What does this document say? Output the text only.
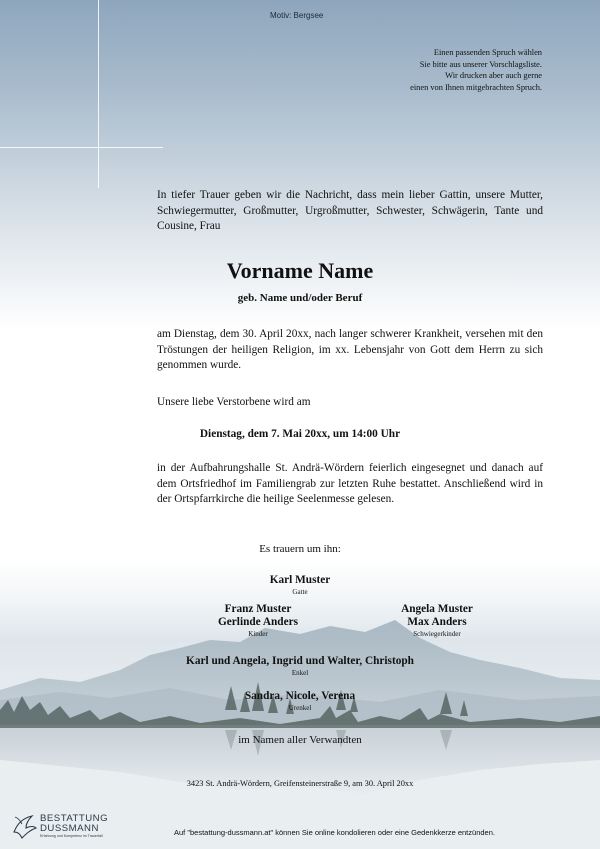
Motiv: Bergsee
Einen passenden Spruch wählen
Sie bitte aus unserer Vorschlagsliste.
Wir drucken aber auch gerne
einen von Ihnen mitgebrachten Spruch.
In tiefer Trauer geben wir die Nachricht, dass mein lieber Gattin, unsere Mutter, Schwiegermutter, Großmutter, Urgroßmutter, Schwester, Schwägerin, Tante und Cousine, Frau
Vorname Name
geb. Name und/oder Beruf
am Dienstag, dem 30. April 20xx, nach langer schwerer Krankheit, versehen mit den Tröstungen der heiligen Religion, im xx. Lebensjahr von Gott dem Herrn zu sich genommen wurde.
Unsere liebe Verstorbene wird am
Dienstag, dem 7. Mai 20xx, um 14:00 Uhr
in der Aufbahrungshalle St. Andrä-Wördern feierlich eingesegnet und danach auf dem Ortsfriedhof im Familiengrab zur letzten Ruhe bestattet. Anschließend wird in der Ortspfarrkirche die heilige Seelenmesse gelesen.
Es trauern um ihn:
Karl Muster
Gatte
Franz Muster
Gerlinde Anders
Kinder
Angela Muster
Max Anders
Schwiegerkinder
Karl und Angela, Ingrid und Walter, Christoph
Enkel
Sandra, Nicole, Verena
Urenkel
im Namen aller Verwandten
3423 St. Andrä-Wördern, Greifensteinerstraße 9, am 30. April 20xx
BESTATTUNG
DUSSMANN
Erfahrung und Kompetenz im Trauerfall	Auf "bestattung-dussmann.at" können Sie online kondolieren oder eine Gedenkkerze entzünden.
